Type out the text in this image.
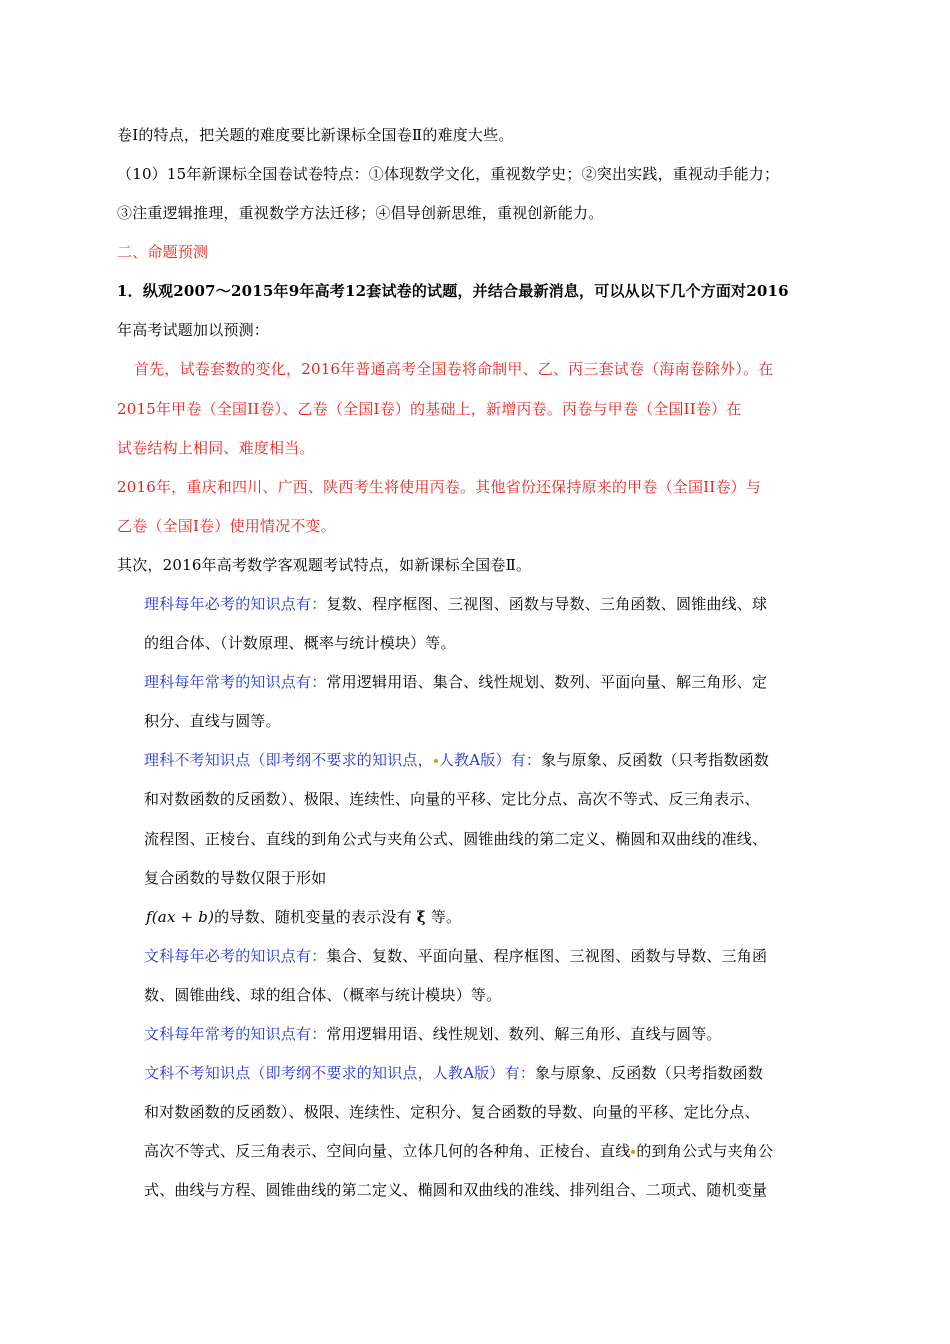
卷Ⅰ的特点，把关题的难度要比新课标全国卷Ⅱ的难度大些。
（10）15年新课标全国卷试卷特点：①体现数学文化，重视数学史；②突出实践，重视动手能力；
③注重逻辑推理，重视数学方法迁移；④倡导创新思维，重视创新能力。
二、命题预测
1．纵观2007～2015年9年高考12套试卷的试题，并结合最新消息，可以从以下几个方面对2016
年高考试题加以预测：
首先，试卷套数的变化，2016年普通高考全国卷将命制甲、乙、丙三套试卷（海南卷除外）。在
2015年甲卷（全国II卷）、乙卷（全国I卷）的基础上，新增丙卷。丙卷与甲卷（全国II卷）在
试卷结构上相同、难度相当。
2016年，重庆和四川、广西、陕西考生将使用丙卷。其他省份还保持原来的甲卷（全国II卷）与
乙卷（全国I卷）使用情况不变。
其次，2016年高考数学客观题考试特点，如新课标全国卷Ⅱ。
理科每年必考的知识点有：复数、程序框图、三视图、函数与导数、三角函数、圆锥曲线、球
的组合体、（计数原理、概率与统计模块）等。
理科每年常考的知识点有：常用逻辑用语、集合、线性规划、数列、平面向量、解三角形、定
积分、直线与圆等。
理科不考知识点（即考纲不要求的知识点， 人教A版）有：象与原象、反函数（只考指数函数
和对数函数的反函数）、极限、连续性、向量的平移、定比分点、高次不等式、反三角表示、
流程图、正棱台、直线的到角公式与夹角公式、圆锥曲线的第二定义、椭圆和双曲线的准线、
复合函数的导数仅限于形如
f(ax + b)的导数、随机变量的表示没有 ξ 等。
文科每年必考的知识点有：集合、复数、平面向量、程序框图、三视图、函数与导数、三角函
数、圆锥曲线、球的组合体、（概率与统计模块）等。
文科每年常考的知识点有：常用逻辑用语、线性规划、数列、解三角形、直线与圆等。
文科不考知识点（即考纲不要求的知识点，人教A版）有：象与原象、反函数（只考指数函数
和对数函数的反函数）、极限、连续性、定积分、复合函数的导数、向量的平移、定比分点、
高次不等式、反三角表示、空间向量、立体几何的各种角、正棱台、直线 的到角公式与夹角公
式、曲线与方程、圆锥曲线的第二定义、椭圆和双曲线的准线、排列组合、二项式、随机变量
